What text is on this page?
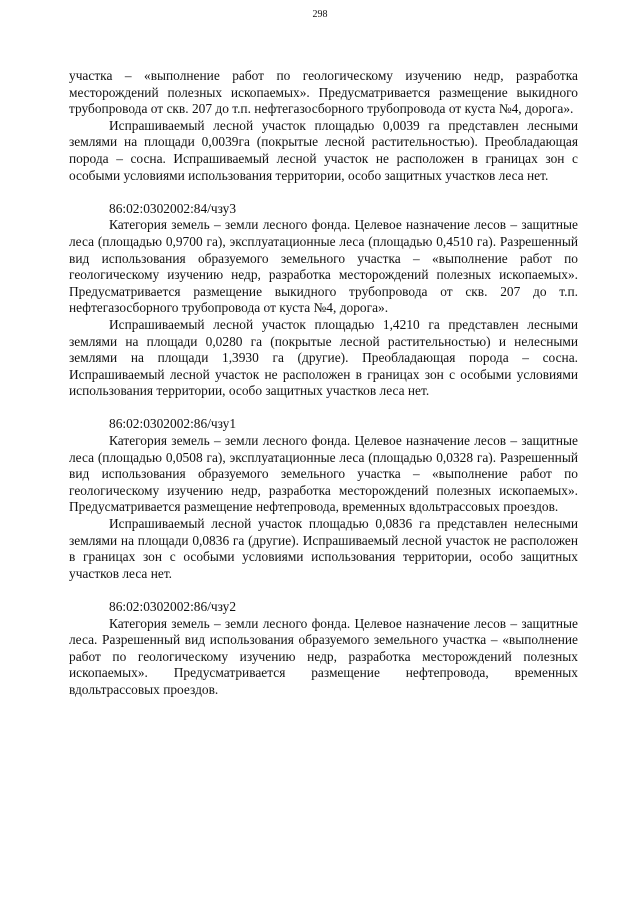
298

участка – «выполнение работ по геологическому изучению недр, разработка месторождений полезных ископаемых». Предусматривается размещение выкидного трубопровода от скв. 207 до т.п. нефтегазосборного трубопровода от куста №4, дорога».

Испрашиваемый лесной участок площадью 0,0039 га представлен лесными землями на площади 0,0039га (покрытые лесной растительностью). Преобладающая порода – сосна. Испрашиваемый лесной участок не расположен в границах зон с особыми условиями использования территории, особо защитных участков леса нет.

86:02:0302002:84/чзу3

Категория земель – земли лесного фонда. Целевое назначение лесов – защитные леса (площадью 0,9700 га), эксплуатационные леса (площадью 0,4510 га). Разрешенный вид использования образуемого земельного участка – «выполнение работ по геологическому изучению недр, разработка месторождений полезных ископаемых». Предусматривается размещение выкидного трубопровода от скв. 207 до т.п. нефтегазосборного трубопровода от куста №4, дорога».

Испрашиваемый лесной участок площадью 1,4210 га представлен лесными землями на площади 0,0280 га (покрытые лесной растительностью) и нелесными землями на площади 1,3930 га (другие). Преобладающая порода – сосна. Испрашиваемый лесной участок не расположен в границах зон с особыми условиями использования территории, особо защитных участков леса нет.

86:02:0302002:86/чзу1

Категория земель – земли лесного фонда. Целевое назначение лесов – защитные леса (площадью 0,0508 га), эксплуатационные леса (площадью 0,0328 га). Разрешенный вид использования образуемого земельного участка – «выполнение работ по геологическому изучению недр, разработка месторождений полезных ископаемых». Предусматривается размещение нефтепровода, временных вдольтрассовых проездов.

Испрашиваемый лесной участок площадью 0,0836 га представлен нелесными землями на площади 0,0836 га (другие). Испрашиваемый лесной участок не расположен в границах зон с особыми условиями использования территории, особо защитных участков леса нет.

86:02:0302002:86/чзу2

Категория земель – земли лесного фонда. Целевое назначение лесов – защитные леса. Разрешенный вид использования образуемого земельного участка – «выполнение работ по геологическому изучению недр, разработка месторождений полезных ископаемых». Предусматривается размещение нефтепровода, временных вдольтрассовых проездов.
